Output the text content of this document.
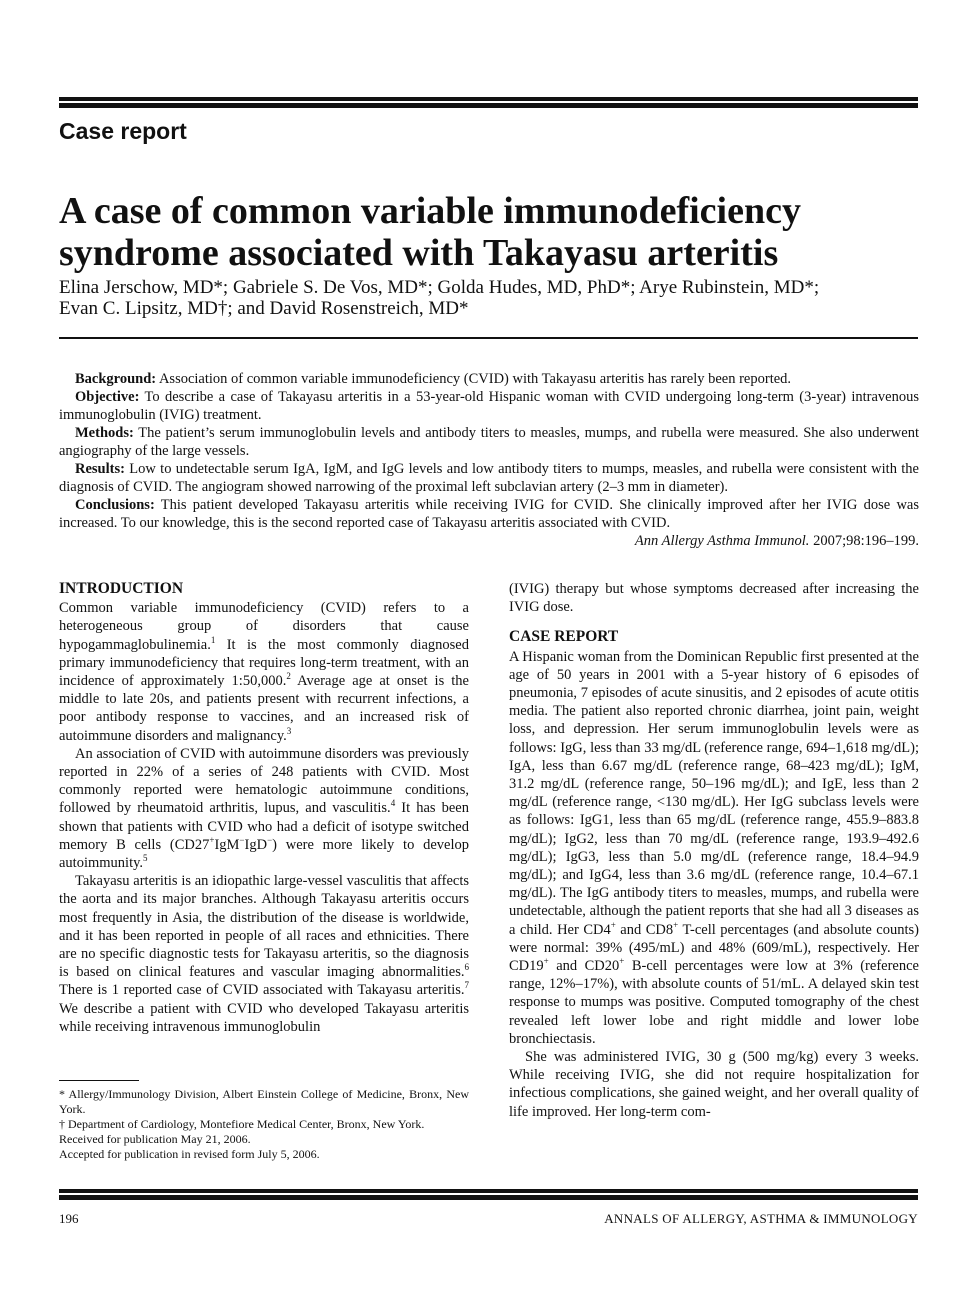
Case report
A case of common variable immunodeficiency syndrome associated with Takayasu arteritis
Elina Jerschow, MD*; Gabriele S. De Vos, MD*; Golda Hudes, MD, PhD*; Arye Rubinstein, MD*;
Evan C. Lipsitz, MD†; and David Rosenstreich, MD*

Background: Association of common variable immunodeficiency (CVID) with Takayasu arteritis has rarely been reported.

Objective: To describe a case of Takayasu arteritis in a 53-year-old Hispanic woman with CVID undergoing long-term (3-year) intravenous immunoglobulin (IVIG) treatment.

Methods: The patient’s serum immunoglobulin levels and antibody titers to measles, mumps, and rubella were measured. She also underwent angiography of the large vessels.

Results: Low to undetectable serum IgA, IgM, and IgG levels and low antibody titers to mumps, measles, and rubella were consistent with the diagnosis of CVID. The angiogram showed narrowing of the proximal left subclavian artery (2–3 mm in diameter).

Conclusions: This patient developed Takayasu arteritis while receiving IVIG for CVID. She clinically improved after her IVIG dose was increased. To our knowledge, this is the second reported case of Takayasu arteritis associated with CVID.

Ann Allergy Asthma Immunol. 2007;98:196–199.
INTRODUCTION

Common variable immunodeficiency (CVID) refers to a heterogeneous group of disorders that cause hypogammaglobulinemia.$^1$ It is the most commonly diagnosed primary immunodeficiency that requires long-term treatment, with an incidence of approximately 1:50,000.$^2$ Average age at onset is the middle to late 20s, and patients present with recurrent infections, a poor antibody response to vaccines, and an increased risk of autoimmune disorders and malignancy.$^3$

An association of CVID with autoimmune disorders was previously reported in 22% of a series of 248 patients with CVID. Most commonly reported were hematologic autoimmune conditions, followed by rheumatoid arthritis, lupus, and vasculitis.$^4$ It has been shown that patients with CVID who had a deficit of isotype switched memory B cells (CD27+IgM−IgD−) were more likely to develop autoimmunity.$^5$

Takayasu arteritis is an idiopathic large-vessel vasculitis that affects the aorta and its major branches. Although Takayasu arteritis occurs most frequently in Asia, the distribution of the disease is worldwide, and it has been reported in people of all races and ethnicities. There are no specific diagnostic tests for Takayasu arteritis, so the diagnosis is based on clinical features and vascular imaging abnormalities.$^6$ There is 1 reported case of CVID associated with Takayasu arteritis.$^7$ We describe a patient with CVID who developed Takayasu arteritis while receiving intravenous immunoglobulin

(IVIG) therapy but whose symptoms decreased after increasing the IVIG dose.

CASE REPORT

A Hispanic woman from the Dominican Republic first presented at the age of 50 years in 2001 with a 5-year history of 6 episodes of pneumonia, 7 episodes of acute sinusitis, and 2 episodes of acute otitis media. The patient also reported chronic diarrhea, joint pain, weight loss, and depression. Her serum immunoglobulin levels were as follows: IgG, less than 33 mg/dL (reference range, 694–1,618 mg/dL); IgA, less than 6.67 mg/dL (reference range, 68–423 mg/dL); IgM, 31.2 mg/dL (reference range, 50–196 mg/dL); and IgE, less than 2 mg/dL (reference range, <130 mg/dL). Her IgG subclass levels were as follows: IgG1, less than 65 mg/dL (reference range, 455.9–883.8 mg/dL); IgG2, less than 70 mg/dL (reference range, 193.9–492.6 mg/dL); IgG3, less than 5.0 mg/dL (reference range, 18.4–94.9 mg/dL); and IgG4, less than 3.6 mg/dL (reference range, 10.4–67.1 mg/dL). The IgG antibody titers to measles, mumps, and rubella were undetectable, although the patient reports that she had all 3 diseases as a child. Her CD4+ and CD8+ T-cell percentages (and absolute counts) were normal: 39% (495/mL) and 48% (609/mL), respectively. Her CD19+ and CD20+ B-cell percentages were low at 3% (reference range, 12%–17%), with absolute counts of 51/mL. A delayed skin test response to mumps was positive. Computed tomography of the chest revealed left lower lobe and right middle and lower lobe bronchiectasis.

She was administered IVIG, 30 g (500 mg/kg) every 3 weeks. While receiving IVIG, she did not require hospitalization for infectious complications, she gained weight, and her overall quality of life improved. Her long-term com-

* Allergy/Immunology Division, Albert Einstein College of Medicine, Bronx, New York.

† Department of Cardiology, Montefiore Medical Center, Bronx, New York.

Received for publication May 21, 2006.

Accepted for publication in revised form July 5, 2006.

196	ANNALS OF ALLERGY, ASTHMA & IMMUNOLOGY
